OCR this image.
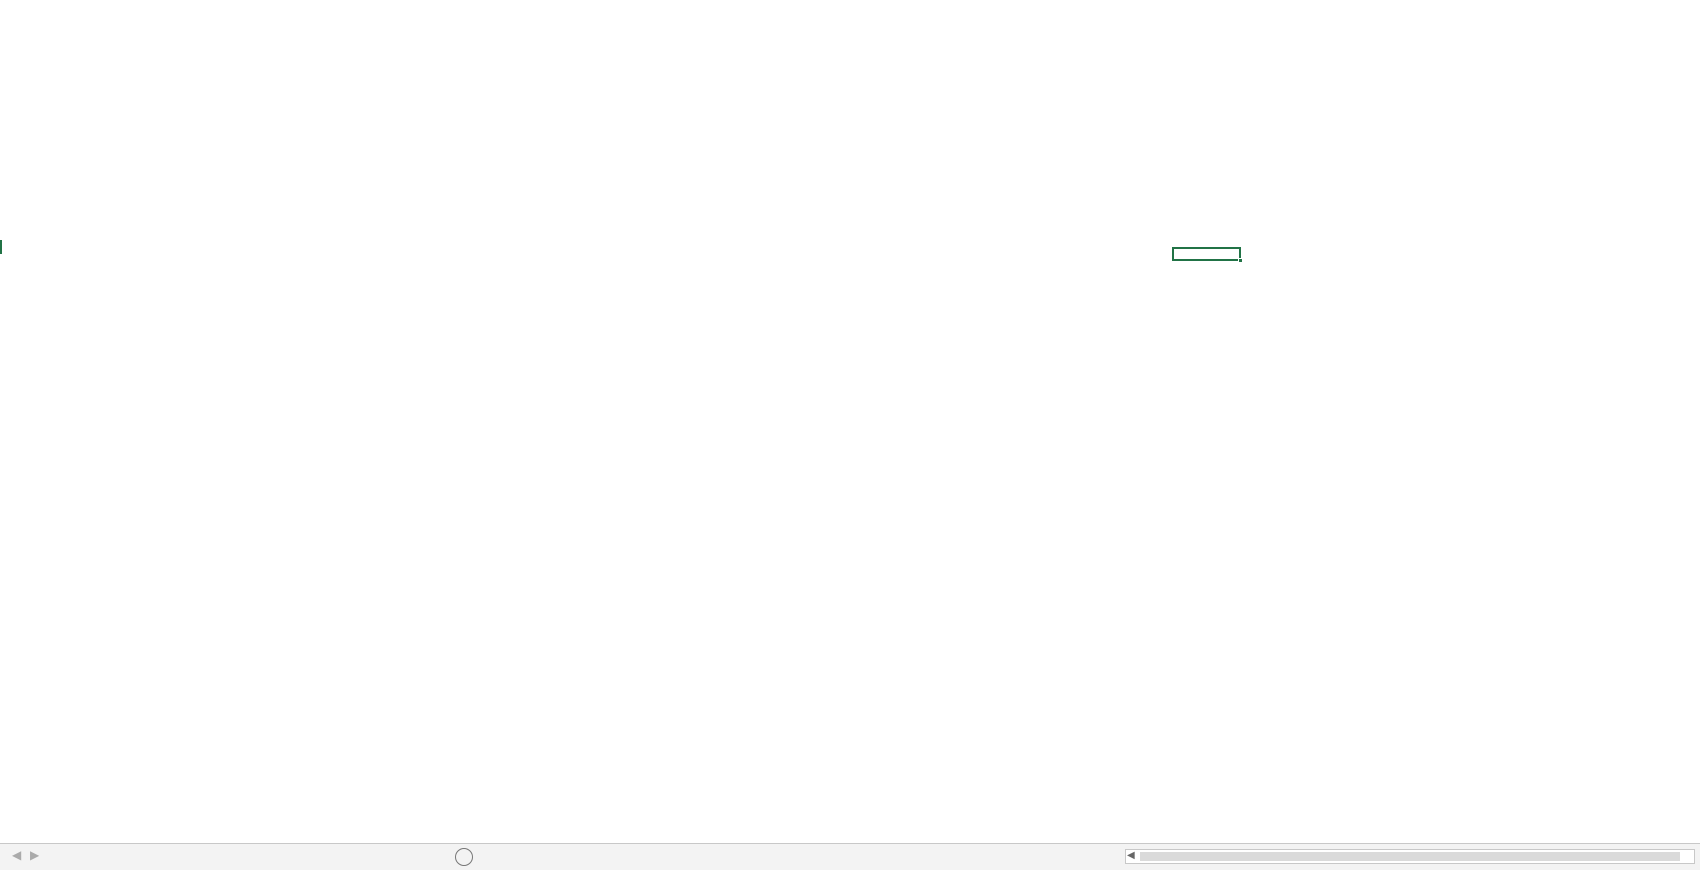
◀ ▶	◀
